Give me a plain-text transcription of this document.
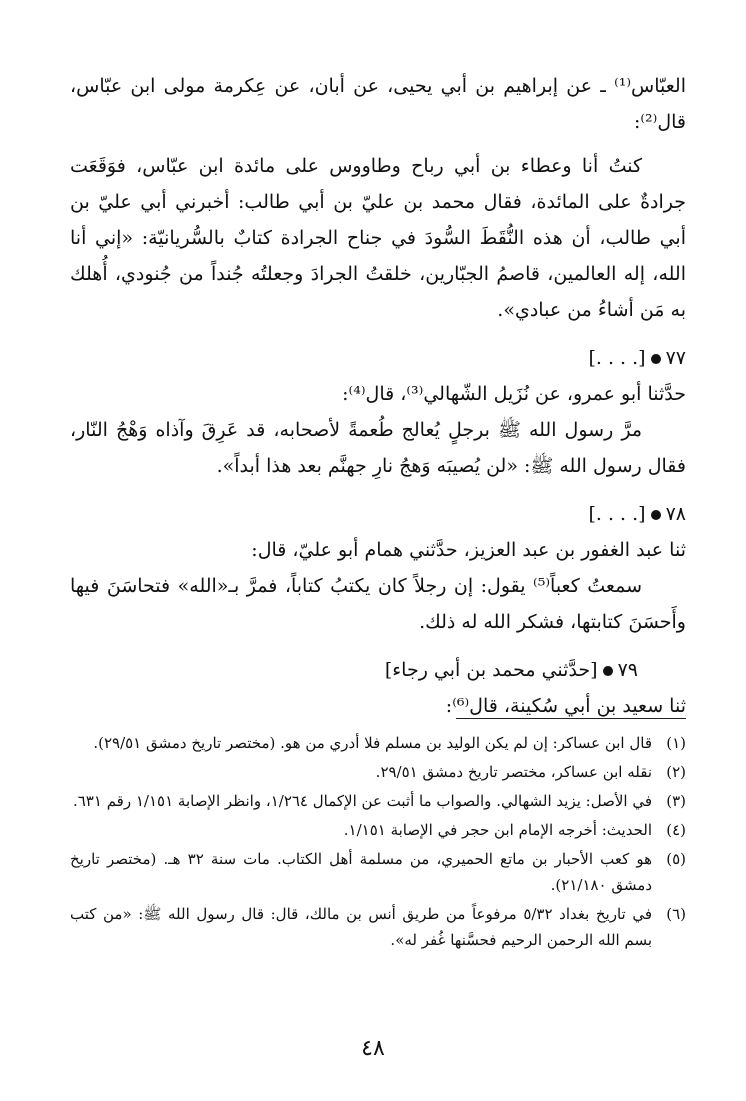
العبّاس⁽¹⁾ ـ عن إبراهيم بن أبي يحيى، عن أبان، عن عِكرمة مولى ابن عبّاس، قال⁽²⁾:

كنتُ أنا وعطاء بن أبي رباح وطاووس على مائدة ابن عبّاس، فوَقَعَت جرادةٌ على المائدة، فقال محمد بن عليّ بن أبي طالب: أخبرني أبي عليّ بن أبي طالب، أن هذه النُّقَطَ السُّودَ في جناح الجرادة كتابٌ بالسُّريانيّة: «إني أنا الله، إله العالمين، قاصمُ الجبّارين، خلقتُ الجرادَ وجعلتُه جُنداً من جُنودي، أُهلك به مَن أشاءُ من عبادي».

٧٧[. . . .]

حدَّثنا أبو عمرو، عن نُزَيل الشّهالي⁽³⁾، قال⁽⁴⁾:

مرَّ رسول الله ﷺ برجلٍ يُعالج طُعمةً لأصحابه، قد عَرِقَ وآذاه وَهْجُ النّار، فقال رسول الله ﷺ: «لن يُصيبَه وَهجُ نارِ جهنَّم بعد هذا أبداً».

٧٨[. . . .]

ثنا عبد الغفور بن عبد العزيز، حدَّثني همام أبو عليّ، قال:

سمعتُ كعباً⁽⁵⁾ يقول: إن رجلاً كان يكتبُ كتاباً، فمرَّ بـ«الله» فتحاسَنَ فيها وأَحسَنَ كتابتها، فشكر الله له ذلك.

٧٩[حدَّثني محمد بن أبي رجاء]

ثنا سعيد بن أبي سُكينة، قال⁽⁶⁾:

(١)
قال ابن عساكر: إن لم يكن الوليد بن مسلم فلا أدري من هو. (مختصر تاريخ دمشق ٢٩/٥١).
(٢)
نقله ابن عساكر، مختصر تاريخ دمشق ٢٩/٥١.
(٣)
في الأصل: يزيد الشهالي. والصواب ما أثبت عن الإكمال ١/٢٦٤، وانظر الإصابة ١/١٥١ رقم ٦٣١.
(٤)
الحديث: أخرجه الإمام ابن حجر في الإصابة ١/١٥١.
(٥)
هو كعب الأحبار بن ماتع الحميري، من مسلمة أهل الكتاب. مات سنة ٣٢ هـ. (مختصر تاريخ دمشق ٢١/١٨٠).
(٦)
في تاريخ بغداد ٥/٣٢ مرفوعاً من طريق أنس بن مالك، قال: قال رسول الله ﷺ: «من كتب بسم الله الرحمن الرحيم فحسَّنها غُفر له».
٤٨
